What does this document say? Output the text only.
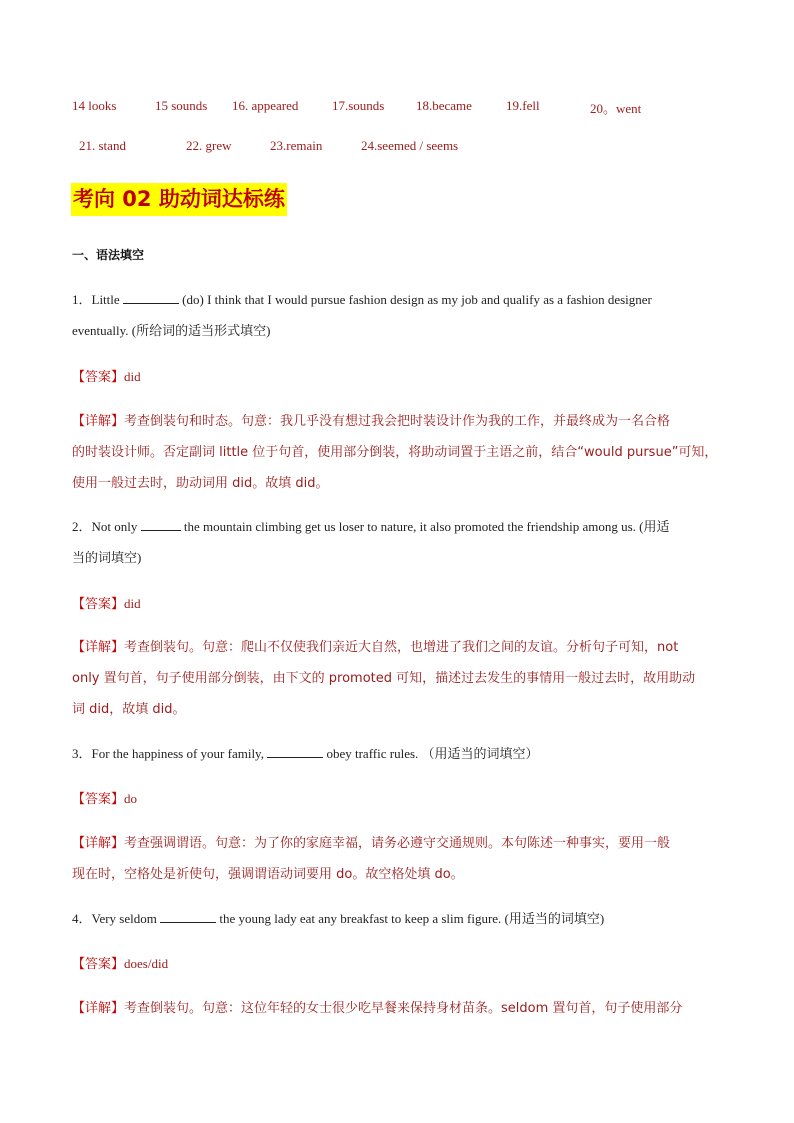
14 looks	15 sounds 16. appeared	17.sounds 18.became	19.fell	20。went
21. stand	22. grew	23.remain	24.seemed / seems
考向 02 助动词达标练
一、语法填空
1．Little	(do) I think that I would pursue fashion design as my job and qualify as a fashion designer
eventually. (所给词的适当形式填空)
【答案】did
【详解】考查倒装句和时态。句意：我几乎没有想过我会把时装设计作为我的工作，并最终成为一名合格
的时装设计师。否定副词 little 位于句首，使用部分倒装，将助动词置于主语之前，结合“would pursue”可知，
使用一般过去时，助动词用 did。故填 did。
2．Not only	the mountain climbing get us loser to nature, it also promoted the friendship among us. (用适
当的词填空)
【答案】did
【详解】考查倒装句。句意：爬山不仅使我们亲近大自然，也增进了我们之间的友谊。分析句子可知，not
only 置句首，句子使用部分倒装，由下文的 promoted 可知，描述过去发生的事情用一般过去时，故用助动
词 did，故填 did。
3．For the happiness of your family,	obey traffic rules. （用适当的词填空）
【答案】do
【详解】考查强调谓语。句意：为了你的家庭幸福，请务必遵守交通规则。本句陈述一种事实，要用一般
现在时，空格处是祈使句，强调谓语动词要用 do。故空格处填 do。
4．Very seldom	the young lady eat any breakfast to keep a slim figure. (用适当的词填空)
【答案】does/did
【详解】考查倒装句。句意：这位年轻的女士很少吃早餐来保持身材苗条。seldom 置句首，句子使用部分
